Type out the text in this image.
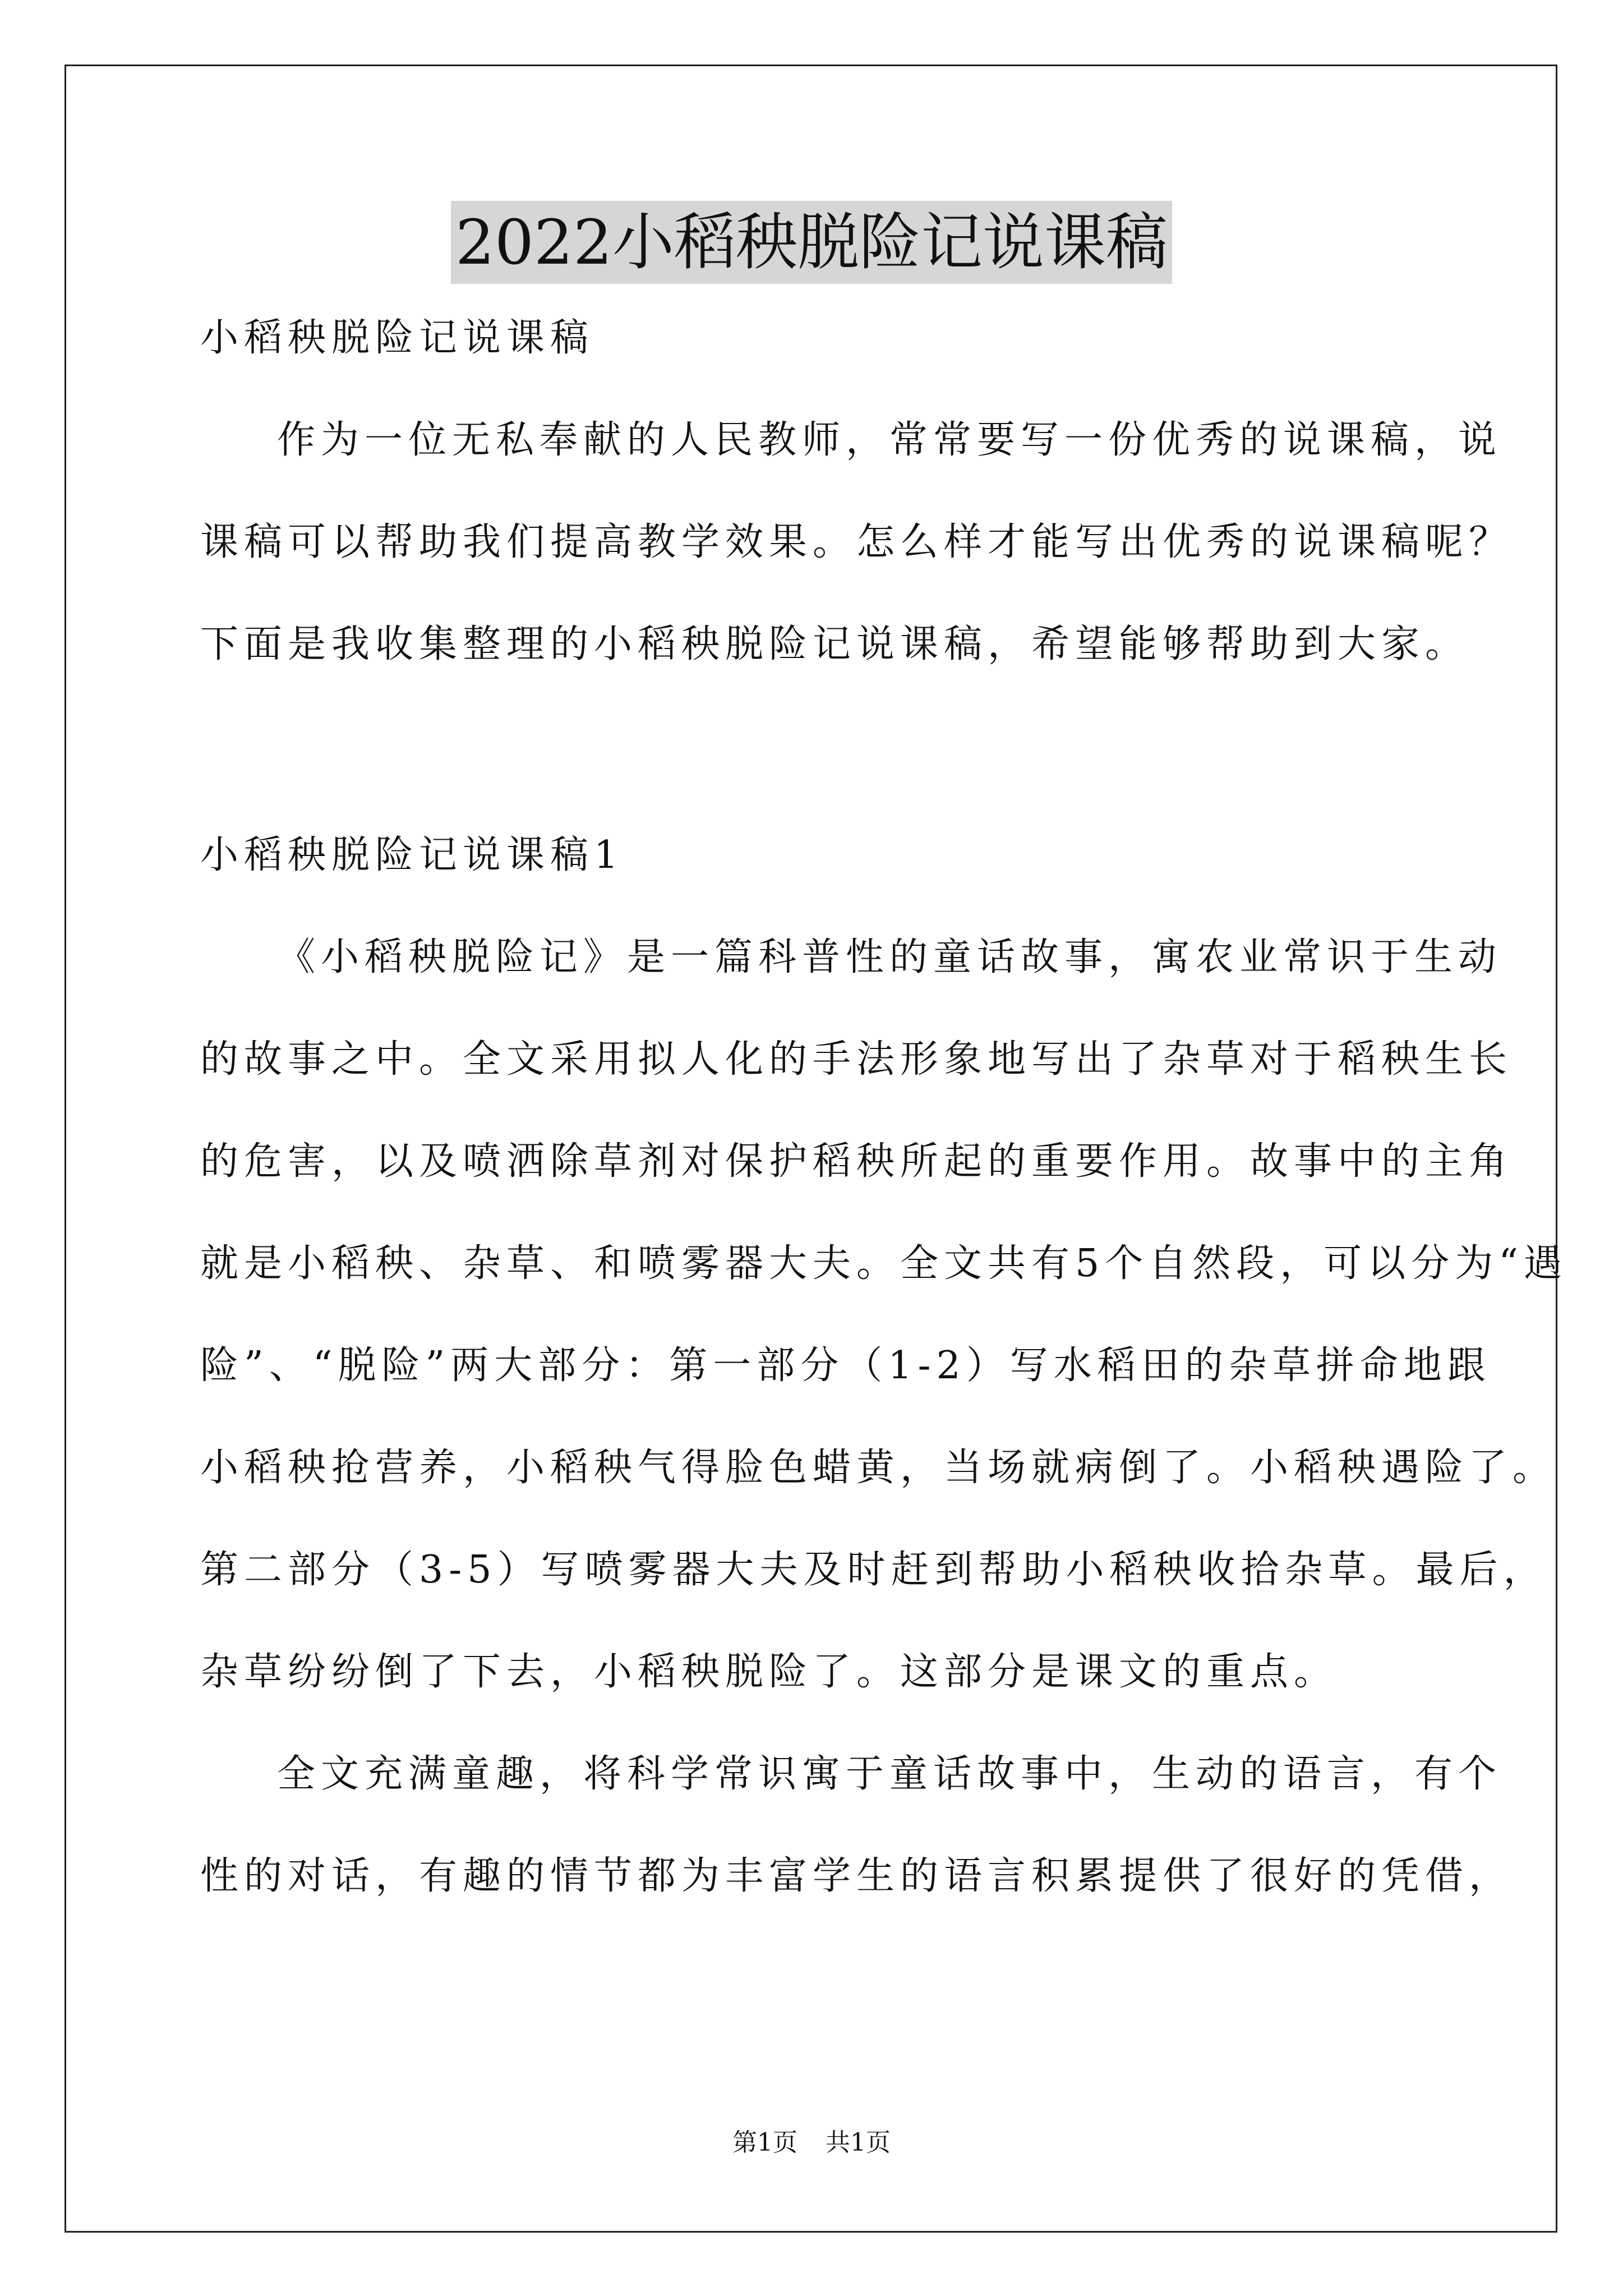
2022小稻秧脱险记说课稿
小稻秧脱险记说课稿
作为一位无私奉献的人民教师，常常要写一份优秀的说课稿，说
课稿可以帮助我们提高教学效果。怎么样才能写出优秀的说课稿呢？
下面是我收集整理的小稻秧脱险记说课稿，希望能够帮助到大家。
小稻秧脱险记说课稿1
《小稻秧脱险记》是一篇科普性的童话故事，寓农业常识于生动
的故事之中。全文采用拟人化的手法形象地写出了杂草对于稻秧生长
的危害，以及喷洒除草剂对保护稻秧所起的重要作用。故事中的主角
就是小稻秧、杂草、和喷雾器大夫。全文共有5个自然段，可以分为“遇
险”、“脱险”两大部分：第一部分（1-2）写水稻田的杂草拼命地跟
小稻秧抢营养，小稻秧气得脸色蜡黄，当场就病倒了。小稻秧遇险了。
第二部分（3-5）写喷雾器大夫及时赶到帮助小稻秧收拾杂草。最后，
杂草纷纷倒了下去，小稻秧脱险了。这部分是课文的重点。
全文充满童趣，将科学常识寓于童话故事中，生动的语言，有个
性的对话，有趣的情节都为丰富学生的语言积累提供了很好的凭借，
第1页 共1页
